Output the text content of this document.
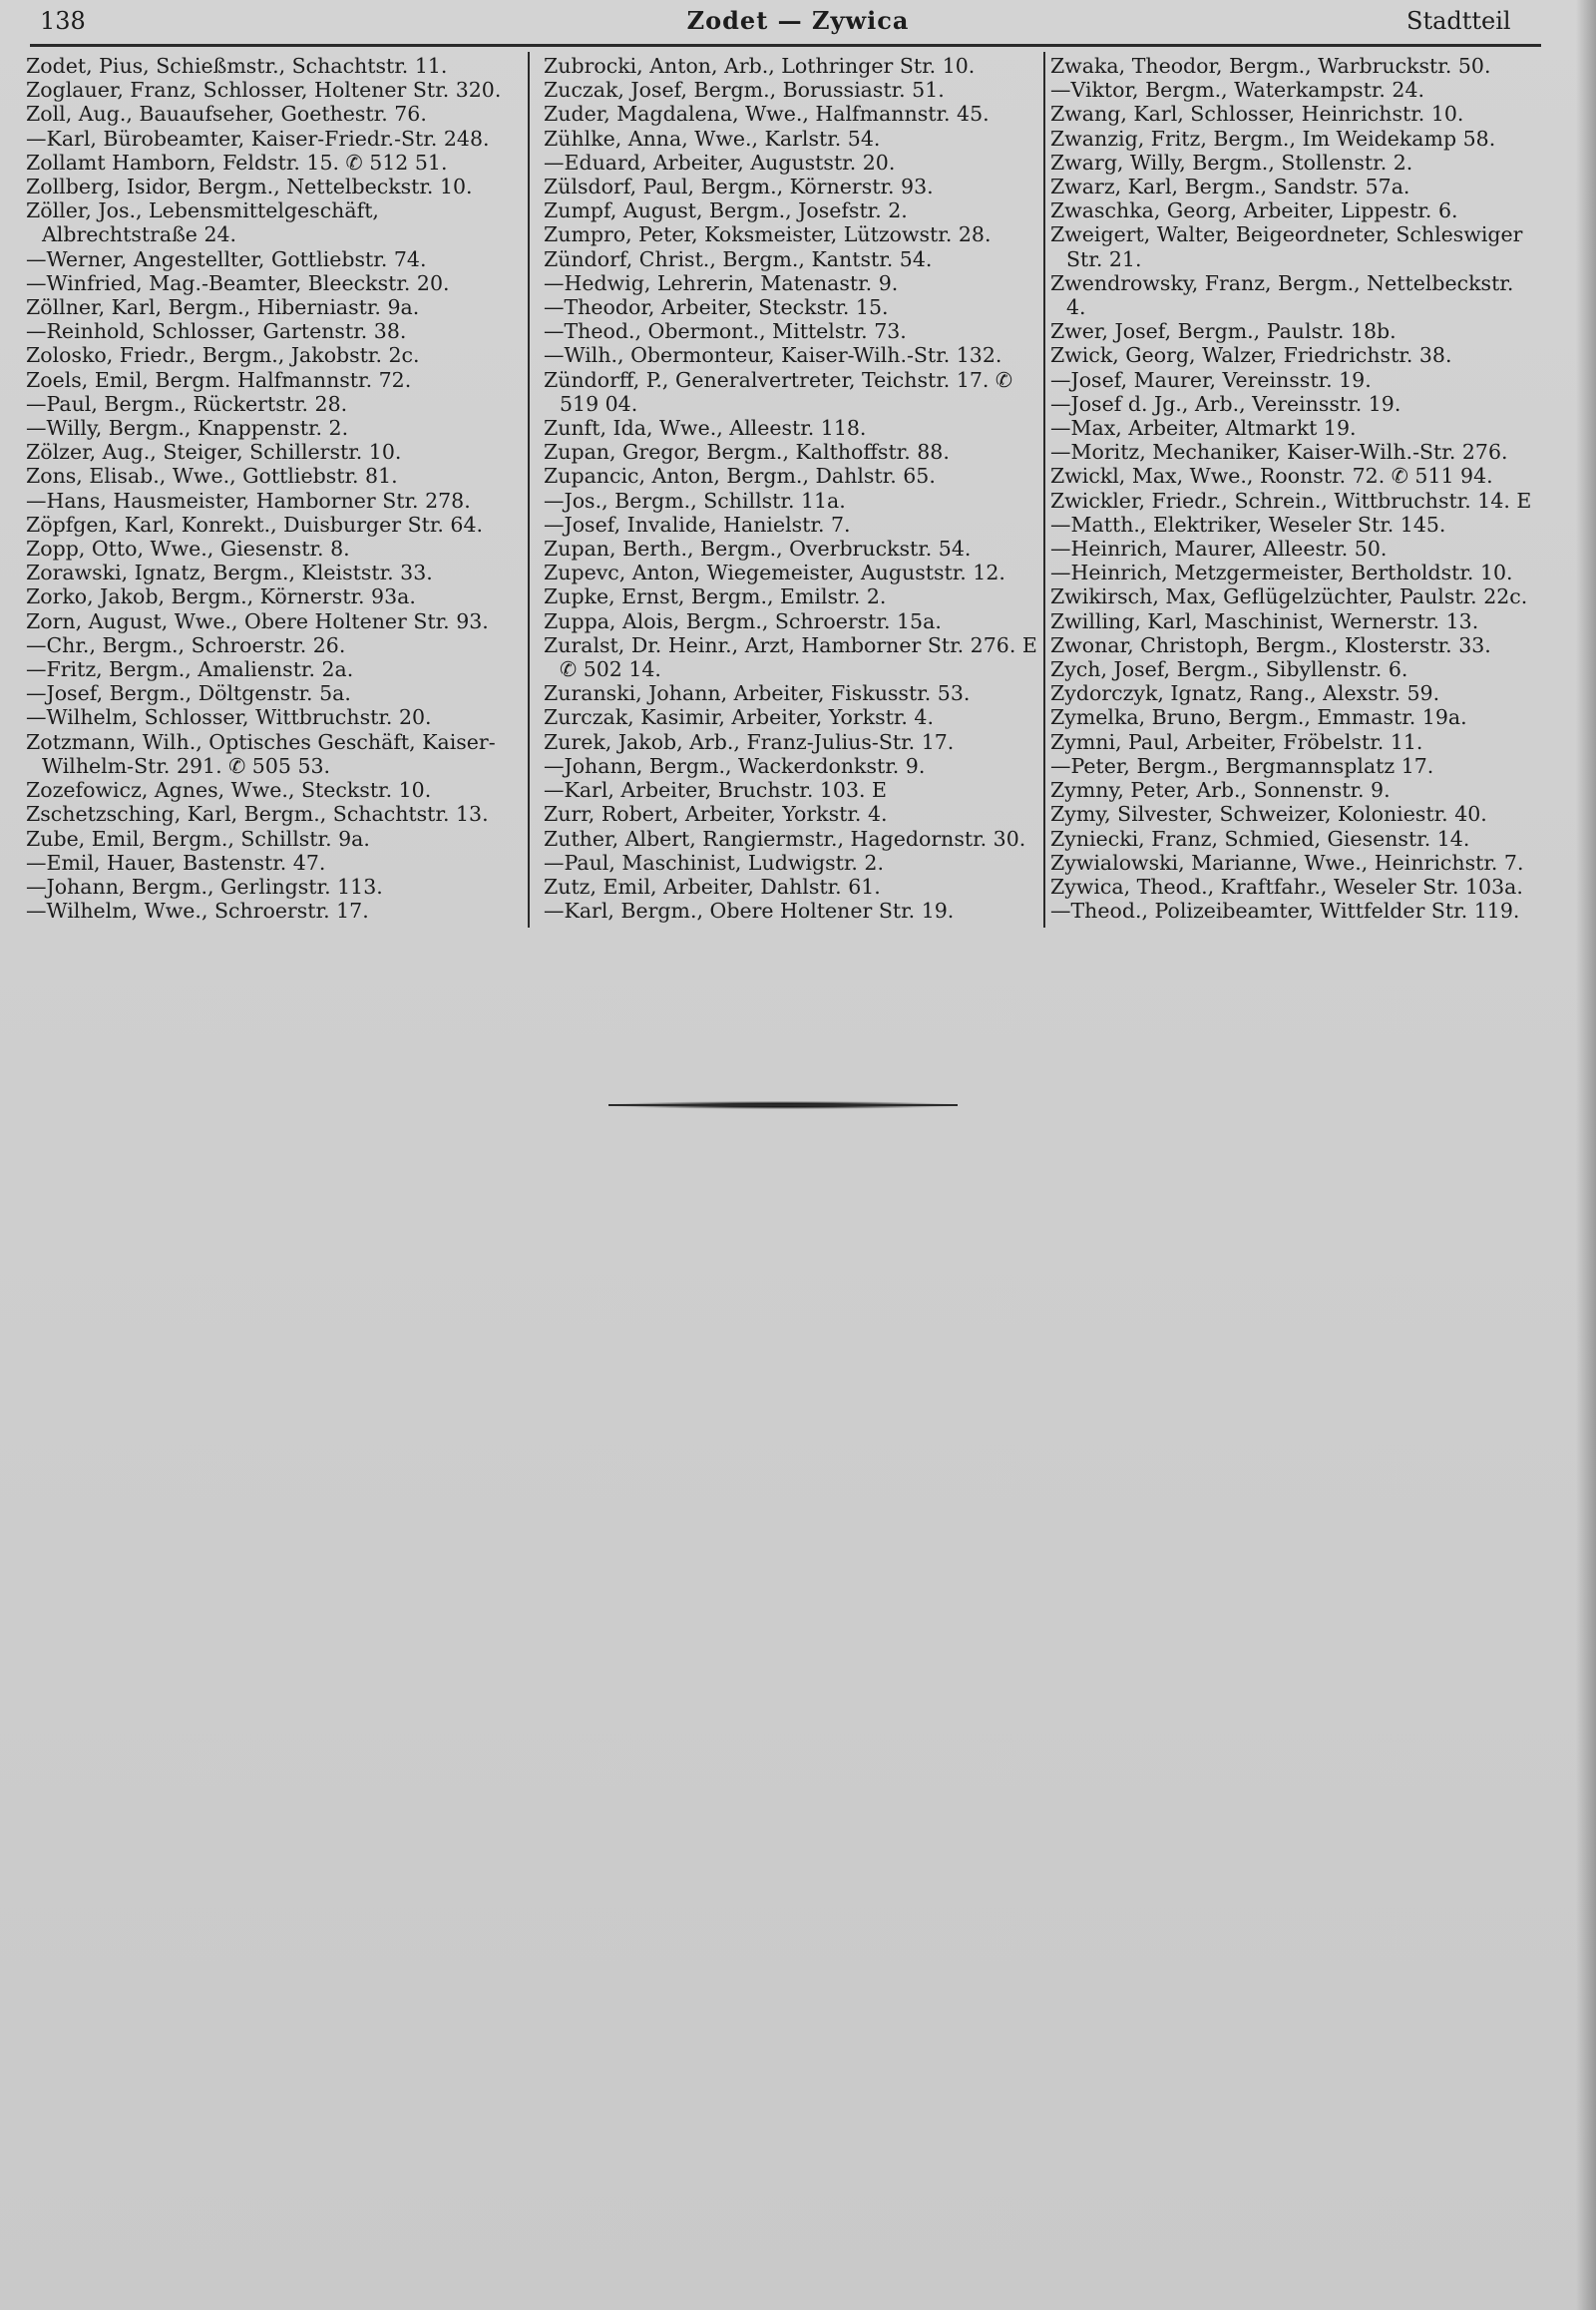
138	Zodet — Zywica	Stadtteil
Zodet, Pius, Schießmstr., Schachtstr. 11.
Zoglauer, Franz, Schlosser, Holtener Str. 320.
Zoll, Aug., Bauaufseher, Goethestr. 76.
—Karl, Bürobeamter, Kaiser-Friedr.-Str. 248.
Zollamt Hamborn, Feldstr. 15. ✆ 512 51.
Zollberg, Isidor, Bergm., Nettelbeckstr. 10.
Zöller, Jos., Lebensmittelgeschäft, Albrechtstraße 24.
—Werner, Angestellter, Gottliebstr. 74.
—Winfried, Mag.-Beamter, Bleeckstr. 20.
Zöllner, Karl, Bergm., Hiberniastr. 9a.
—Reinhold, Schlosser, Gartenstr. 38.
Zolosko, Friedr., Bergm., Jakobstr. 2c.
Zoels, Emil, Bergm. Halfmannstr. 72.
—Paul, Bergm., Rückertstr. 28.
—Willy, Bergm., Knappenstr. 2.
Zölzer, Aug., Steiger, Schillerstr. 10.
Zons, Elisab., Wwe., Gottliebstr. 81.
—Hans, Hausmeister, Hamborner Str. 278.
Zöpfgen, Karl, Konrekt., Duisburger Str. 64.
Zopp, Otto, Wwe., Giesenstr. 8.
Zorawski, Ignatz, Bergm., Kleiststr. 33.
Zorko, Jakob, Bergm., Körnerstr. 93a.
Zorn, August, Wwe., Obere Holtener Str. 93.
—Chr., Bergm., Schroerstr. 26.
—Fritz, Bergm., Amalienstr. 2a.
—Josef, Bergm., Döltgenstr. 5a.
—Wilhelm, Schlosser, Wittbruchstr. 20.
Zotzmann, Wilh., Optisches Geschäft, Kaiser-Wilhelm-Str. 291. ✆ 505 53.
Zozefowicz, Agnes, Wwe., Steckstr. 10.
Zschetzsching, Karl, Bergm., Schachtstr. 13.
Zube, Emil, Bergm., Schillstr. 9a.
—Emil, Hauer, Bastenstr. 47.
—Johann, Bergm., Gerlingstr. 113.
—Wilhelm, Wwe., Schroerstr. 17.
Zubrocki, Anton, Arb., Lothringer Str. 10.
Zuczak, Josef, Bergm., Borussiastr. 51.
Zuder, Magdalena, Wwe., Halfmannstr. 45.
Zühlke, Anna, Wwe., Karlstr. 54.
—Eduard, Arbeiter, Auguststr. 20.
Zülsdorf, Paul, Bergm., Körnerstr. 93.
Zumpf, August, Bergm., Josefstr. 2.
Zumpro, Peter, Koksmeister, Lützowstr. 28.
Zündorf, Christ., Bergm., Kantstr. 54.
—Hedwig, Lehrerin, Matenastr. 9.
—Theodor, Arbeiter, Steckstr. 15.
—Theod., Obermont., Mittelstr. 73.
—Wilh., Obermonteur, Kaiser-Wilh.-Str. 132.
Zündorff, P., Generalvertreter, Teichstr. 17. ✆ 519 04.
Zunft, Ida, Wwe., Alleestr. 118.
Zupan, Gregor, Bergm., Kalthoffstr. 88.
Zupancic, Anton, Bergm., Dahlstr. 65.
—Jos., Bergm., Schillstr. 11a.
—Josef, Invalide, Hanielstr. 7.
Zupan, Berth., Bergm., Overbruckstr. 54.
Zupevc, Anton, Wiegemeister, Auguststr. 12.
Zupke, Ernst, Bergm., Emilstr. 2.
Zuppa, Alois, Bergm., Schroerstr. 15a.
Zuralst, Dr. Heinr., Arzt, Hamborner Str. 276. E ✆ 502 14.
Zuranski, Johann, Arbeiter, Fiskusstr. 53.
Zurczak, Kasimir, Arbeiter, Yorkstr. 4.
Zurek, Jakob, Arb., Franz-Julius-Str. 17.
—Johann, Bergm., Wackerdonkstr. 9.
—Karl, Arbeiter, Bruchstr. 103. E
Zurr, Robert, Arbeiter, Yorkstr. 4.
Zuther, Albert, Rangiermstr., Hagedornstr. 30.
—Paul, Maschinist, Ludwigstr. 2.
Zutz, Emil, Arbeiter, Dahlstr. 61.
—Karl, Bergm., Obere Holtener Str. 19.
Zwaka, Theodor, Bergm., Warbruckstr. 50.
—Viktor, Bergm., Waterkampstr. 24.
Zwang, Karl, Schlosser, Heinrichstr. 10.
Zwanzig, Fritz, Bergm., Im Weidekamp 58.
Zwarg, Willy, Bergm., Stollenstr. 2.
Zwarz, Karl, Bergm., Sandstr. 57a.
Zwaschka, Georg, Arbeiter, Lippestr. 6.
Zweigert, Walter, Beigeordneter, Schleswiger Str. 21.
Zwendrowsky, Franz, Bergm., Nettelbeckstr. 4.
Zwer, Josef, Bergm., Paulstr. 18b.
Zwick, Georg, Walzer, Friedrichstr. 38.
—Josef, Maurer, Vereinsstr. 19.
—Josef d. Jg., Arb., Vereinsstr. 19.
—Max, Arbeiter, Altmarkt 19.
—Moritz, Mechaniker, Kaiser-Wilh.-Str. 276.
Zwickl, Max, Wwe., Roonstr. 72. ✆ 511 94.
Zwickler, Friedr., Schrein., Wittbruchstr. 14. E
—Matth., Elektriker, Weseler Str. 145.
—Heinrich, Maurer, Alleestr. 50.
—Heinrich, Metzgermeister, Bertholdstr. 10.
Zwikirsch, Max, Geflügelzüchter, Paulstr. 22c.
Zwilling, Karl, Maschinist, Wernerstr. 13.
Zwonar, Christoph, Bergm., Klosterstr. 33.
Zych, Josef, Bergm., Sibyllenstr. 6.
Zydorczyk, Ignatz, Rang., Alexstr. 59.
Zymelka, Bruno, Bergm., Emmastr. 19a.
Zymni, Paul, Arbeiter, Fröbelstr. 11.
—Peter, Bergm., Bergmannsplatz 17.
Zymny, Peter, Arb., Sonnenstr. 9.
Zymy, Silvester, Schweizer, Koloniestr. 40.
Zyniecki, Franz, Schmied, Giesenstr. 14.
Zywialowski, Marianne, Wwe., Heinrichstr. 7.
Zywica, Theod., Kraftfahr., Weseler Str. 103a.
—Theod., Polizeibeamter, Wittfelder Str. 119.
